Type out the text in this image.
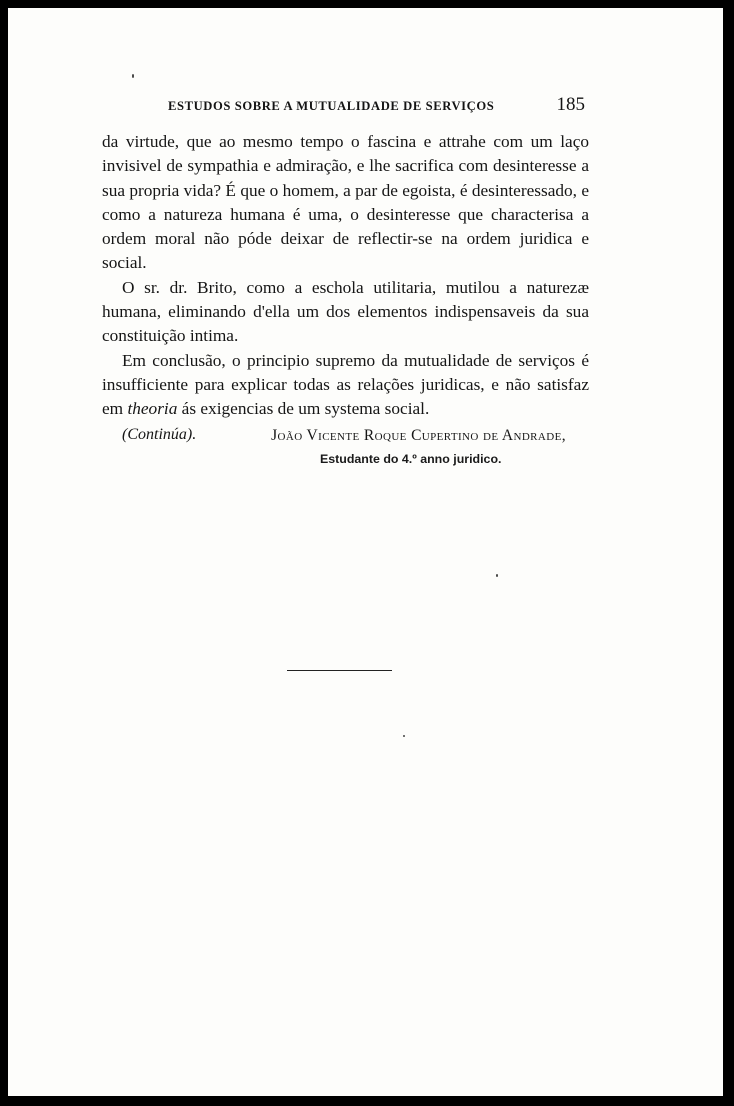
ESTUDOS SOBRE A MUTUALIDADE DE SERVIÇOS	185

da virtude, que ao mesmo tempo o fascina e attrahe com um laço invisivel de sympathia e admiração, e lhe sacrifica com desinteresse a sua propria vida? É que o homem, a par de egoista, é desinteressado, e como a natureza humana é uma, o desinteresse que characterisa a ordem moral não póde deixar de reflectir-se na ordem juridica e social.

O sr. dr. Brito, como a eschola utilitaria, mutilou a naturezæ humana, eliminando d'ella um dos elementos indispensaveis da sua constituição intima.

Em conclusão, o principio supremo da mutualidade de serviços é insufficiente para explicar todas as relações juridicas, e não satisfaz em theoria ás exigencias de um systema social.

(Continúa).	João Vicente Roque Cupertino de Andrade,
Estudante do 4.º anno juridico.
